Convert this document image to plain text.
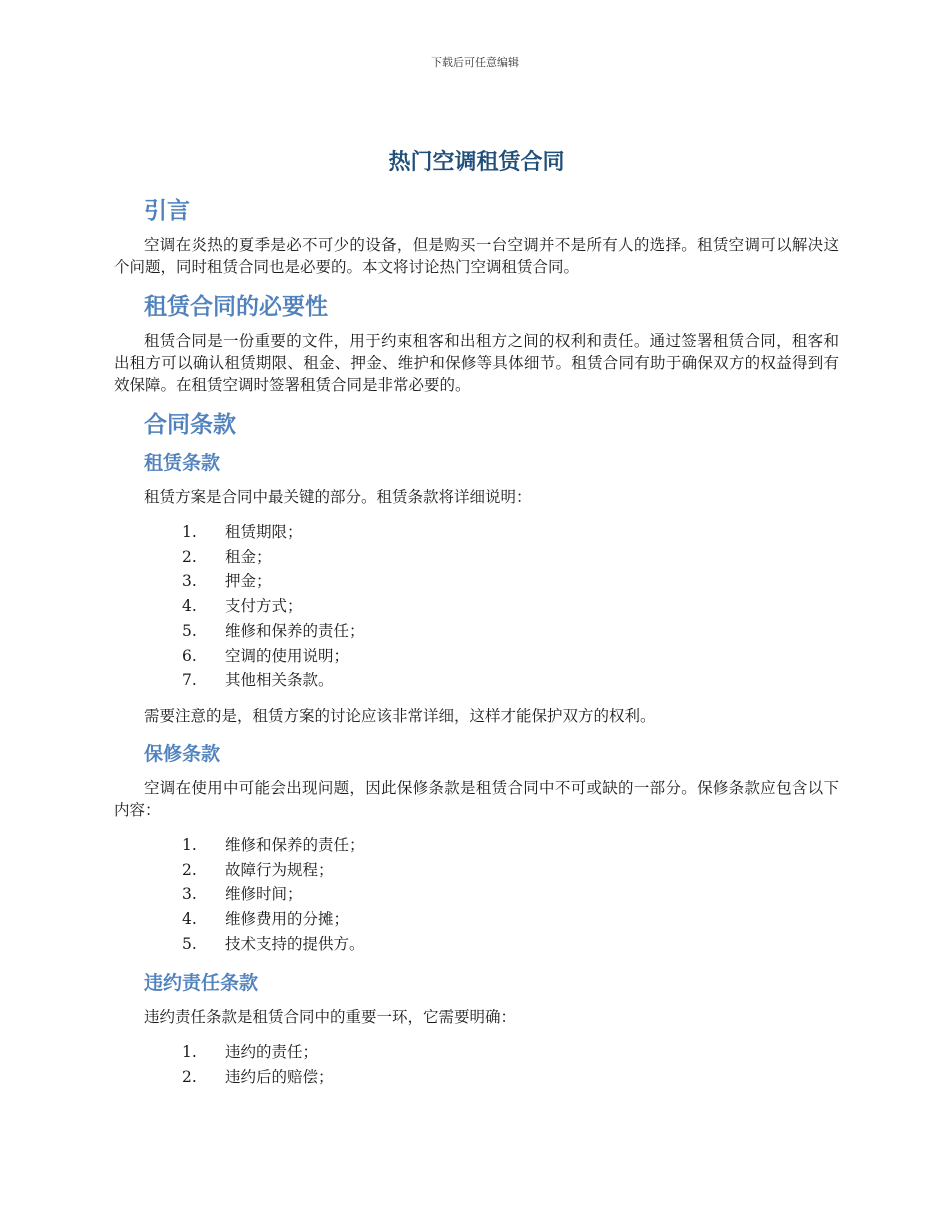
下载后可任意编辑
热门空调租赁合同
引言

空调在炎热的夏季是必不可少的设备，但是购买一台空调并不是所有人的选择。租赁空调可以解决这个问题，同时租赁合同也是必要的。本文将讨论热门空调租赁合同。

租赁合同的必要性

租赁合同是一份重要的文件，用于约束租客和出租方之间的权利和责任。通过签署租赁合同，租客和出租方可以确认租赁期限、租金、押金、维护和保修等具体细节。租赁合同有助于确保双方的权益得到有效保障。在租赁空调时签署租赁合同是非常必要的。

合同条款
租赁条款

租赁方案是合同中最关键的部分。租赁条款将详细说明：

1. 租赁期限；
2. 租金；
3. 押金；
4. 支付方式；
5. 维修和保养的责任；
6. 空调的使用说明；
7. 其他相关条款。

需要注意的是，租赁方案的讨论应该非常详细，这样才能保护双方的权利。

保修条款

空调在使用中可能会出现问题，因此保修条款是租赁合同中不可或缺的一部分。保修条款应包含以下内容：

1. 维修和保养的责任；
2. 故障行为规程；
3. 维修时间；
4. 维修费用的分摊；
5. 技术支持的提供方。
违约责任条款

违约责任条款是租赁合同中的重要一环，它需要明确：

1. 违约的责任；
2. 违约后的赔偿；
